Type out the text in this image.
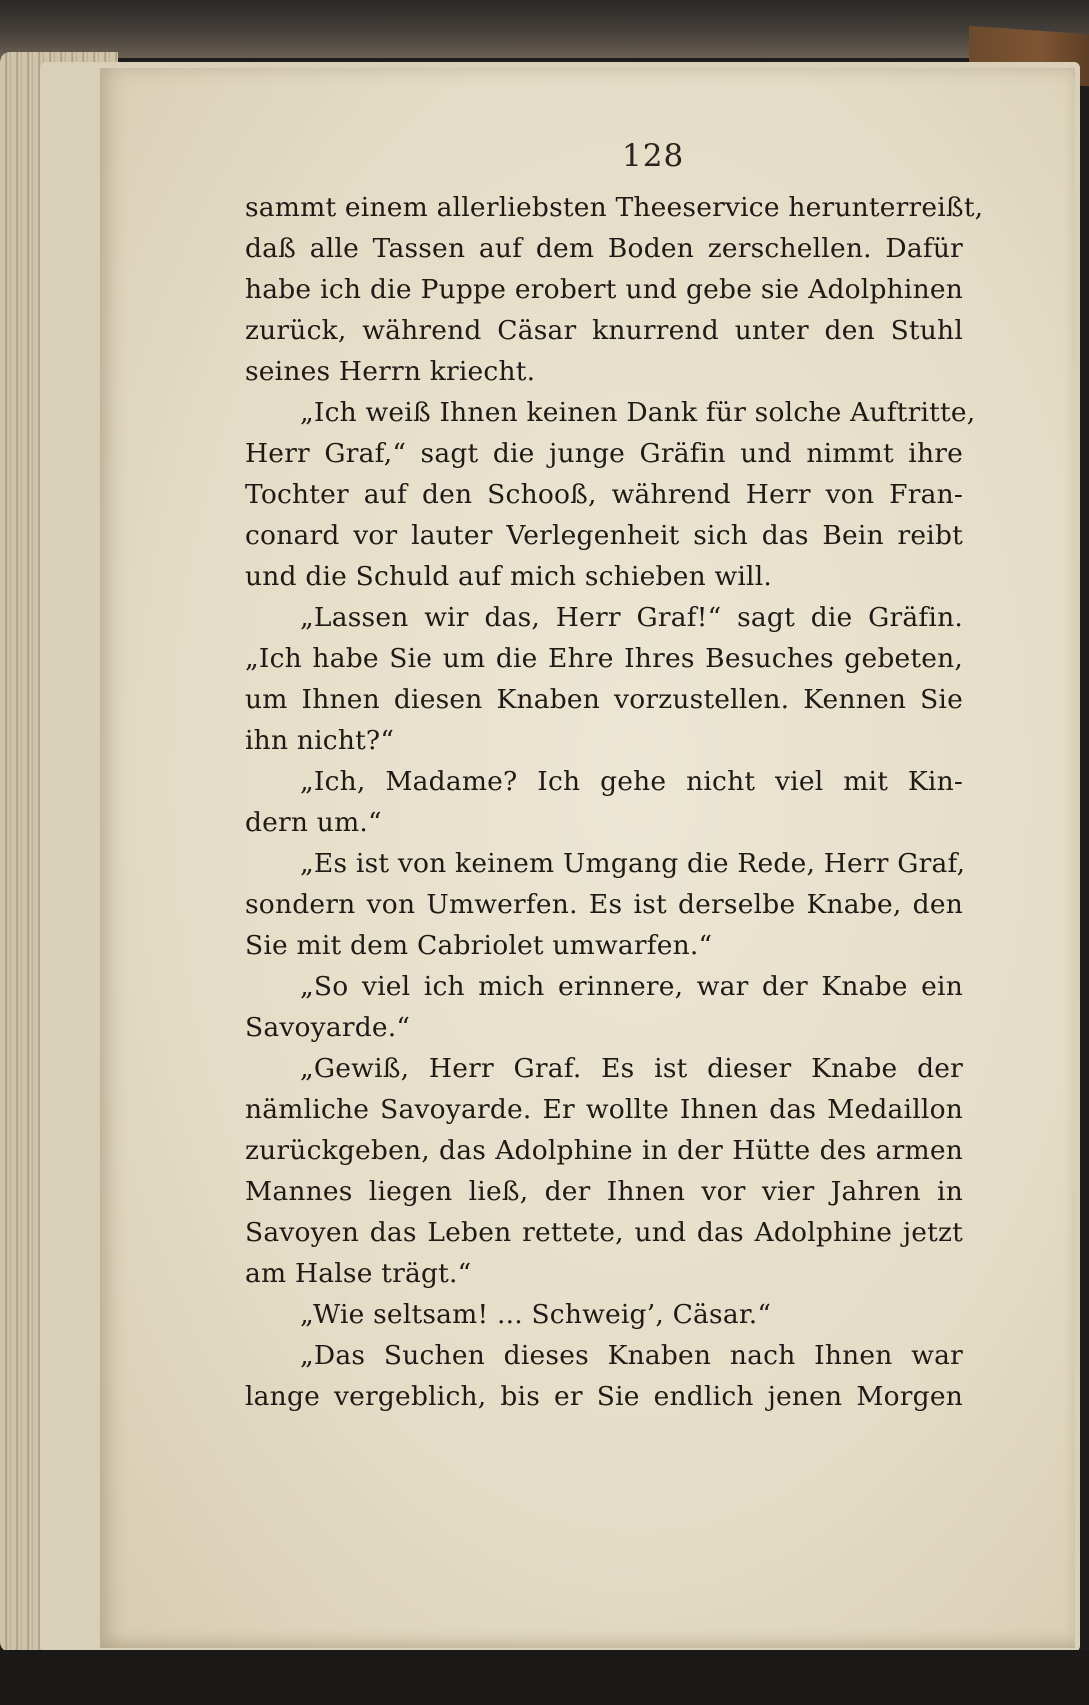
128
sammt einem allerliebsten Theeservice herunterreißt,
daß alle Tassen auf dem Boden zerschellen. Dafür
habe ich die Puppe erobert und gebe sie Adolphinen
zurück, während Cäsar knurrend unter den Stuhl
seines Herrn kriecht.
„Ich weiß Ihnen keinen Dank für solche Auftritte,
Herr Graf,“ sagt die junge Gräfin und nimmt ihre
Tochter auf den Schooß, während Herr von Fran-
conard vor lauter Verlegenheit sich das Bein reibt
und die Schuld auf mich schieben will.
„Lassen wir das, Herr Graf!“ sagt die Gräfin.
„Ich habe Sie um die Ehre Ihres Besuches gebeten,
um Ihnen diesen Knaben vorzustellen. Kennen Sie
ihn nicht?“
„Ich, Madame? Ich gehe nicht viel mit Kin-
dern um.“
„Es ist von keinem Umgang die Rede, Herr Graf,
sondern von Umwerfen. Es ist derselbe Knabe, den
Sie mit dem Cabriolet umwarfen.“
„So viel ich mich erinnere, war der Knabe ein
Savoyarde.“
„Gewiß, Herr Graf. Es ist dieser Knabe der
nämliche Savoyarde. Er wollte Ihnen das Medaillon
zurückgeben, das Adolphine in der Hütte des armen
Mannes liegen ließ, der Ihnen vor vier Jahren in
Savoyen das Leben rettete, und das Adolphine jetzt
am Halse trägt.“
„Wie seltsam! ... Schweig’, Cäsar.“
„Das Suchen dieses Knaben nach Ihnen war
lange vergeblich, bis er Sie endlich jenen Morgen
